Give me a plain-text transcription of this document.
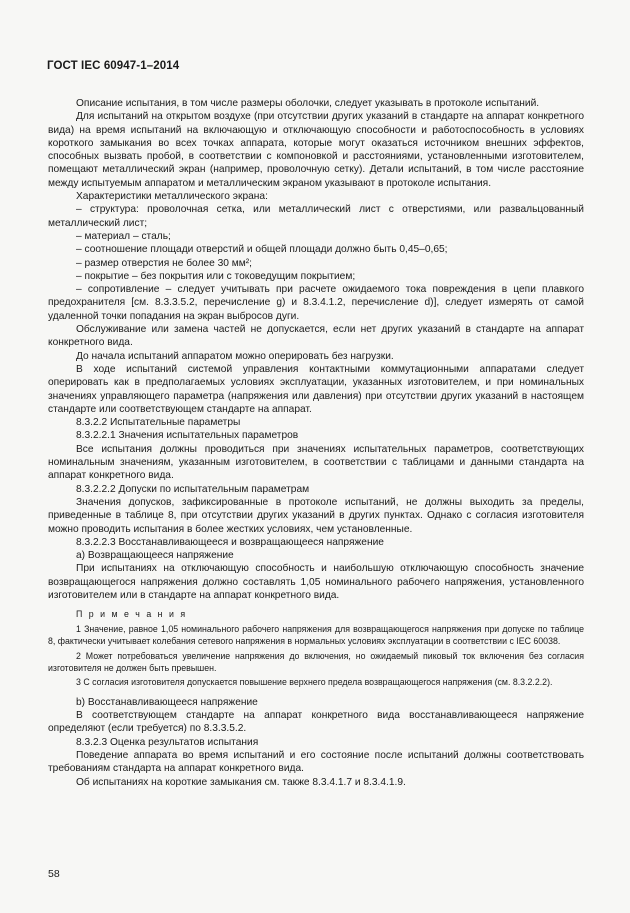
ГОСТ IEC 60947-1–2014

Описание испытания, в том числе размеры оболочки, следует указывать в протоколе испытаний.

Для испытаний на открытом воздухе (при отсутствии других указаний в стандарте на аппарат конкретного вида) на время испытаний на включающую и отключающую способности и работоспособность в условиях короткого замыкания во всех точках аппарата, которые могут оказаться источником внешних эффектов, способных вызвать пробой, в соответствии с компоновкой и расстояниями, установленными изготовителем, помещают металлический экран (например, проволочную сетку). Детали испытаний, в том числе расстояние между испытуемым аппаратом и металлическим экраном указывают в протоколе испытания.

Характеристики металлического экрана:

– структура: проволочная сетка, или металлический лист с отверстиями, или развальцованный металлический лист;

– материал – сталь;

– соотношение площади отверстий и общей площади должно быть 0,45–0,65;

– размер отверстия не более 30 мм²;

– покрытие – без покрытия или с токоведущим покрытием;

– сопротивление – следует учитывать при расчете ожидаемого тока повреждения в цепи плавкого предохранителя [см. 8.3.3.5.2, перечисление g) и 8.3.4.1.2, перечисление d)], следует измерять от самой удаленной точки попадания на экран выбросов дуги.

Обслуживание или замена частей не допускается, если нет других указаний в стандарте на аппарат конкретного вида.

До начала испытаний аппаратом можно оперировать без нагрузки.

В ходе испытаний системой управления контактными коммутационными аппаратами следует оперировать как в предполагаемых условиях эксплуатации, указанных изготовителем, и при номинальных значениях управляющего параметра (напряжения или давления) при отсутствии других указаний в настоящем стандарте или соответствующем стандарте на аппарат.

8.3.2.2 Испытательные параметры

8.3.2.2.1 Значения испытательных параметров

Все испытания должны проводиться при значениях испытательных параметров, соответствующих номинальным значениям, указанным изготовителем, в соответствии с таблицами и данными стандарта на аппарат конкретного вида.

8.3.2.2.2 Допуски по испытательным параметрам

Значения допусков, зафиксированные в протоколе испытаний, не должны выходить за пределы, приведенные в таблице 8, при отсутствии других указаний в других пунктах. Однако с согласия изготовителя можно проводить испытания в более жестких условиях, чем установленные.

8.3.2.2.3 Восстанавливающееся и возвращающееся напряжение

а) Возвращающееся напряжение

При испытаниях на отключающую способность и наибольшую отключающую способность значение возвращающегося напряжения должно составлять 1,05 номинального рабочего напряжения, установленного изготовителем или в стандарте на аппарат конкретного вида.

П р и м е ч а н и я

1 Значение, равное 1,05 номинального рабочего напряжения для возвращающегося напряжения при допуске по таблице 8, фактически учитывает колебания сетевого напряжения в нормальных условиях эксплуатации в соответствии с IEC 60038.

2 Может потребоваться увеличение напряжения до включения, но ожидаемый пиковый ток включения без согласия изготовителя не должен быть превышен.

3 С согласия изготовителя допускается повышение верхнего предела возвращающегося напряжения (см. 8.3.2.2.2).

b) Восстанавливающееся напряжение

В соответствующем стандарте на аппарат конкретного вида восстанавливающееся напряжение определяют (если требуется) по 8.3.3.5.2.

8.3.2.3 Оценка результатов испытания

Поведение аппарата во время испытаний и его состояние после испытаний должны соответствовать требованиям стандарта на аппарат конкретного вида.

Об испытаниях на короткие замыкания см. также 8.3.4.1.7 и 8.3.4.1.9.

58
